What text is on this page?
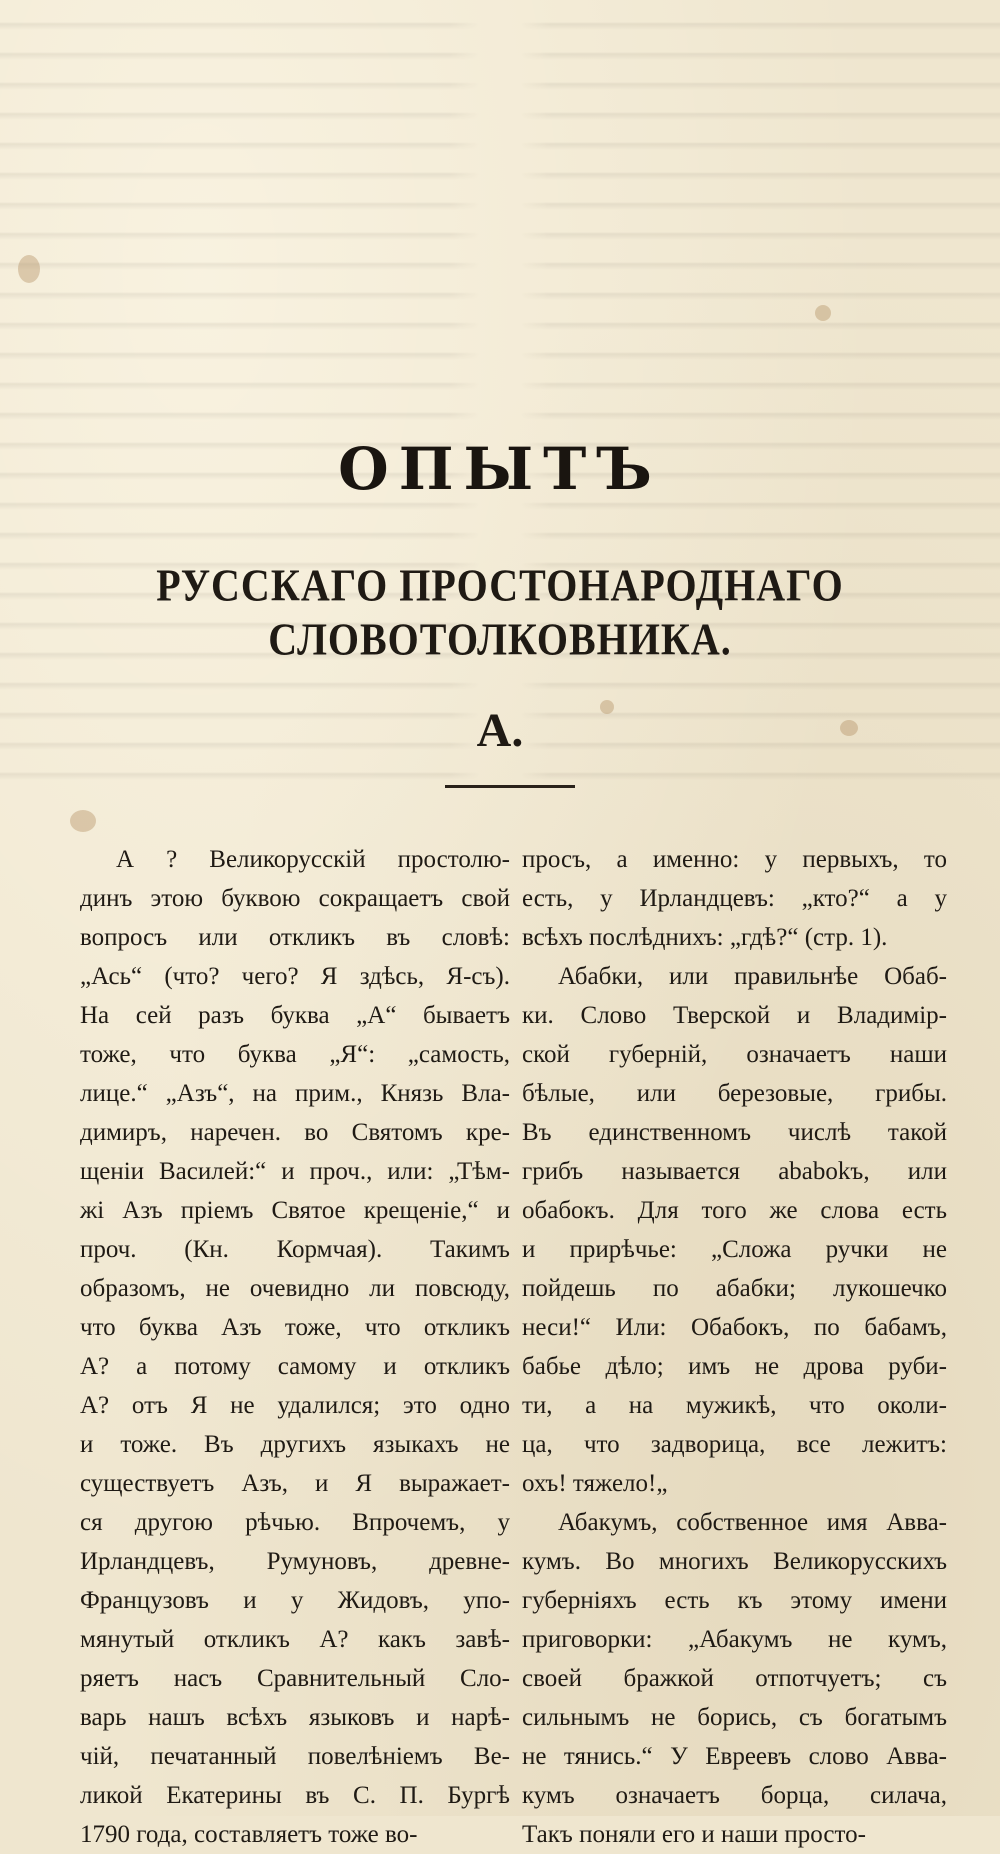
ОПЫТЪ
РУССКАГО ПРОСТОНАРОДНАГО СЛОВОТОЛКОВНИКА.
А.
А ? Великорусскій простолю-
динъ этою буквою сокращаетъ свой
вопросъ или откликъ въ словѣ:
„Ась“ (что? чего? Я здѣсь, Я-съ).
На сей разъ буква „А“ бываетъ
тоже, что буква „Я“: „самость,
лице.“ „Азъ“, на прим., Князь Вла-
димиръ, наречен. во Святомъ кре-
щеніи Василей:“ и проч., или: „Тѣм-
жі Азъ пріемъ Святое крещеніе,“ и
проч. (Кн. Кормчая). Такимъ
образомъ, не очевидно ли повсюду,
что буква Азъ тоже, что откликъ
А? а потому самому и откликъ
А? отъ Я не удалился; это одно
и тоже. Въ другихъ языкахъ не
существуетъ Азъ, и Я выражает-
ся другою рѣчью. Впрочемъ, у
Ирландцевъ, Румуновъ, древне-
Французовъ и у Жидовъ, упо-
мянутый откликъ А? какъ завѣ-
ряетъ насъ Сравнительный Сло-
варь нашъ всѣхъ языковъ и нарѣ-
чій, печатанный повелѣніемъ Ве-
ликой Екатерины въ С. П. Бургѣ
1790 года, составляетъ тоже во-
просъ, а именно: у первыхъ, то
есть, у Ирландцевъ: „кто?“ а у
всѣхъ послѣднихъ: „гдѣ?“ (стр. 1).
Абабки, или правильнѣе Обаб-
ки. Слово Тверской и Владимір-
ской губерній, означаетъ наши
бѣлые, или березовые, грибы.
Въ единственномъ числѣ такой
грибъ называется ababokъ, или
обабокъ. Для того же слова есть
и прирѣчье: „Сложа ручки не
пойдешь по абабки; лукошечко
неси!“ Или: Обабокъ, по бабамъ,
бабье дѣло; имъ не дрова руби-
ти, а на мужикѣ, что околи-
ца, что задворица, все лежитъ:
охъ! тяжело!„
Абакумъ, собственное имя Авва-
кумъ. Во многихъ Великорусскихъ
губерніяхъ есть къ этому имени
приговорки: „Абакумъ не кумъ,
своей бражкой отпотчуетъ; съ
сильнымъ не борись, съ богатымъ
не тянись.“ У Евреевъ слово Авва-
кумъ означаетъ борца, силача,
Такъ поняли его и наши просто-
